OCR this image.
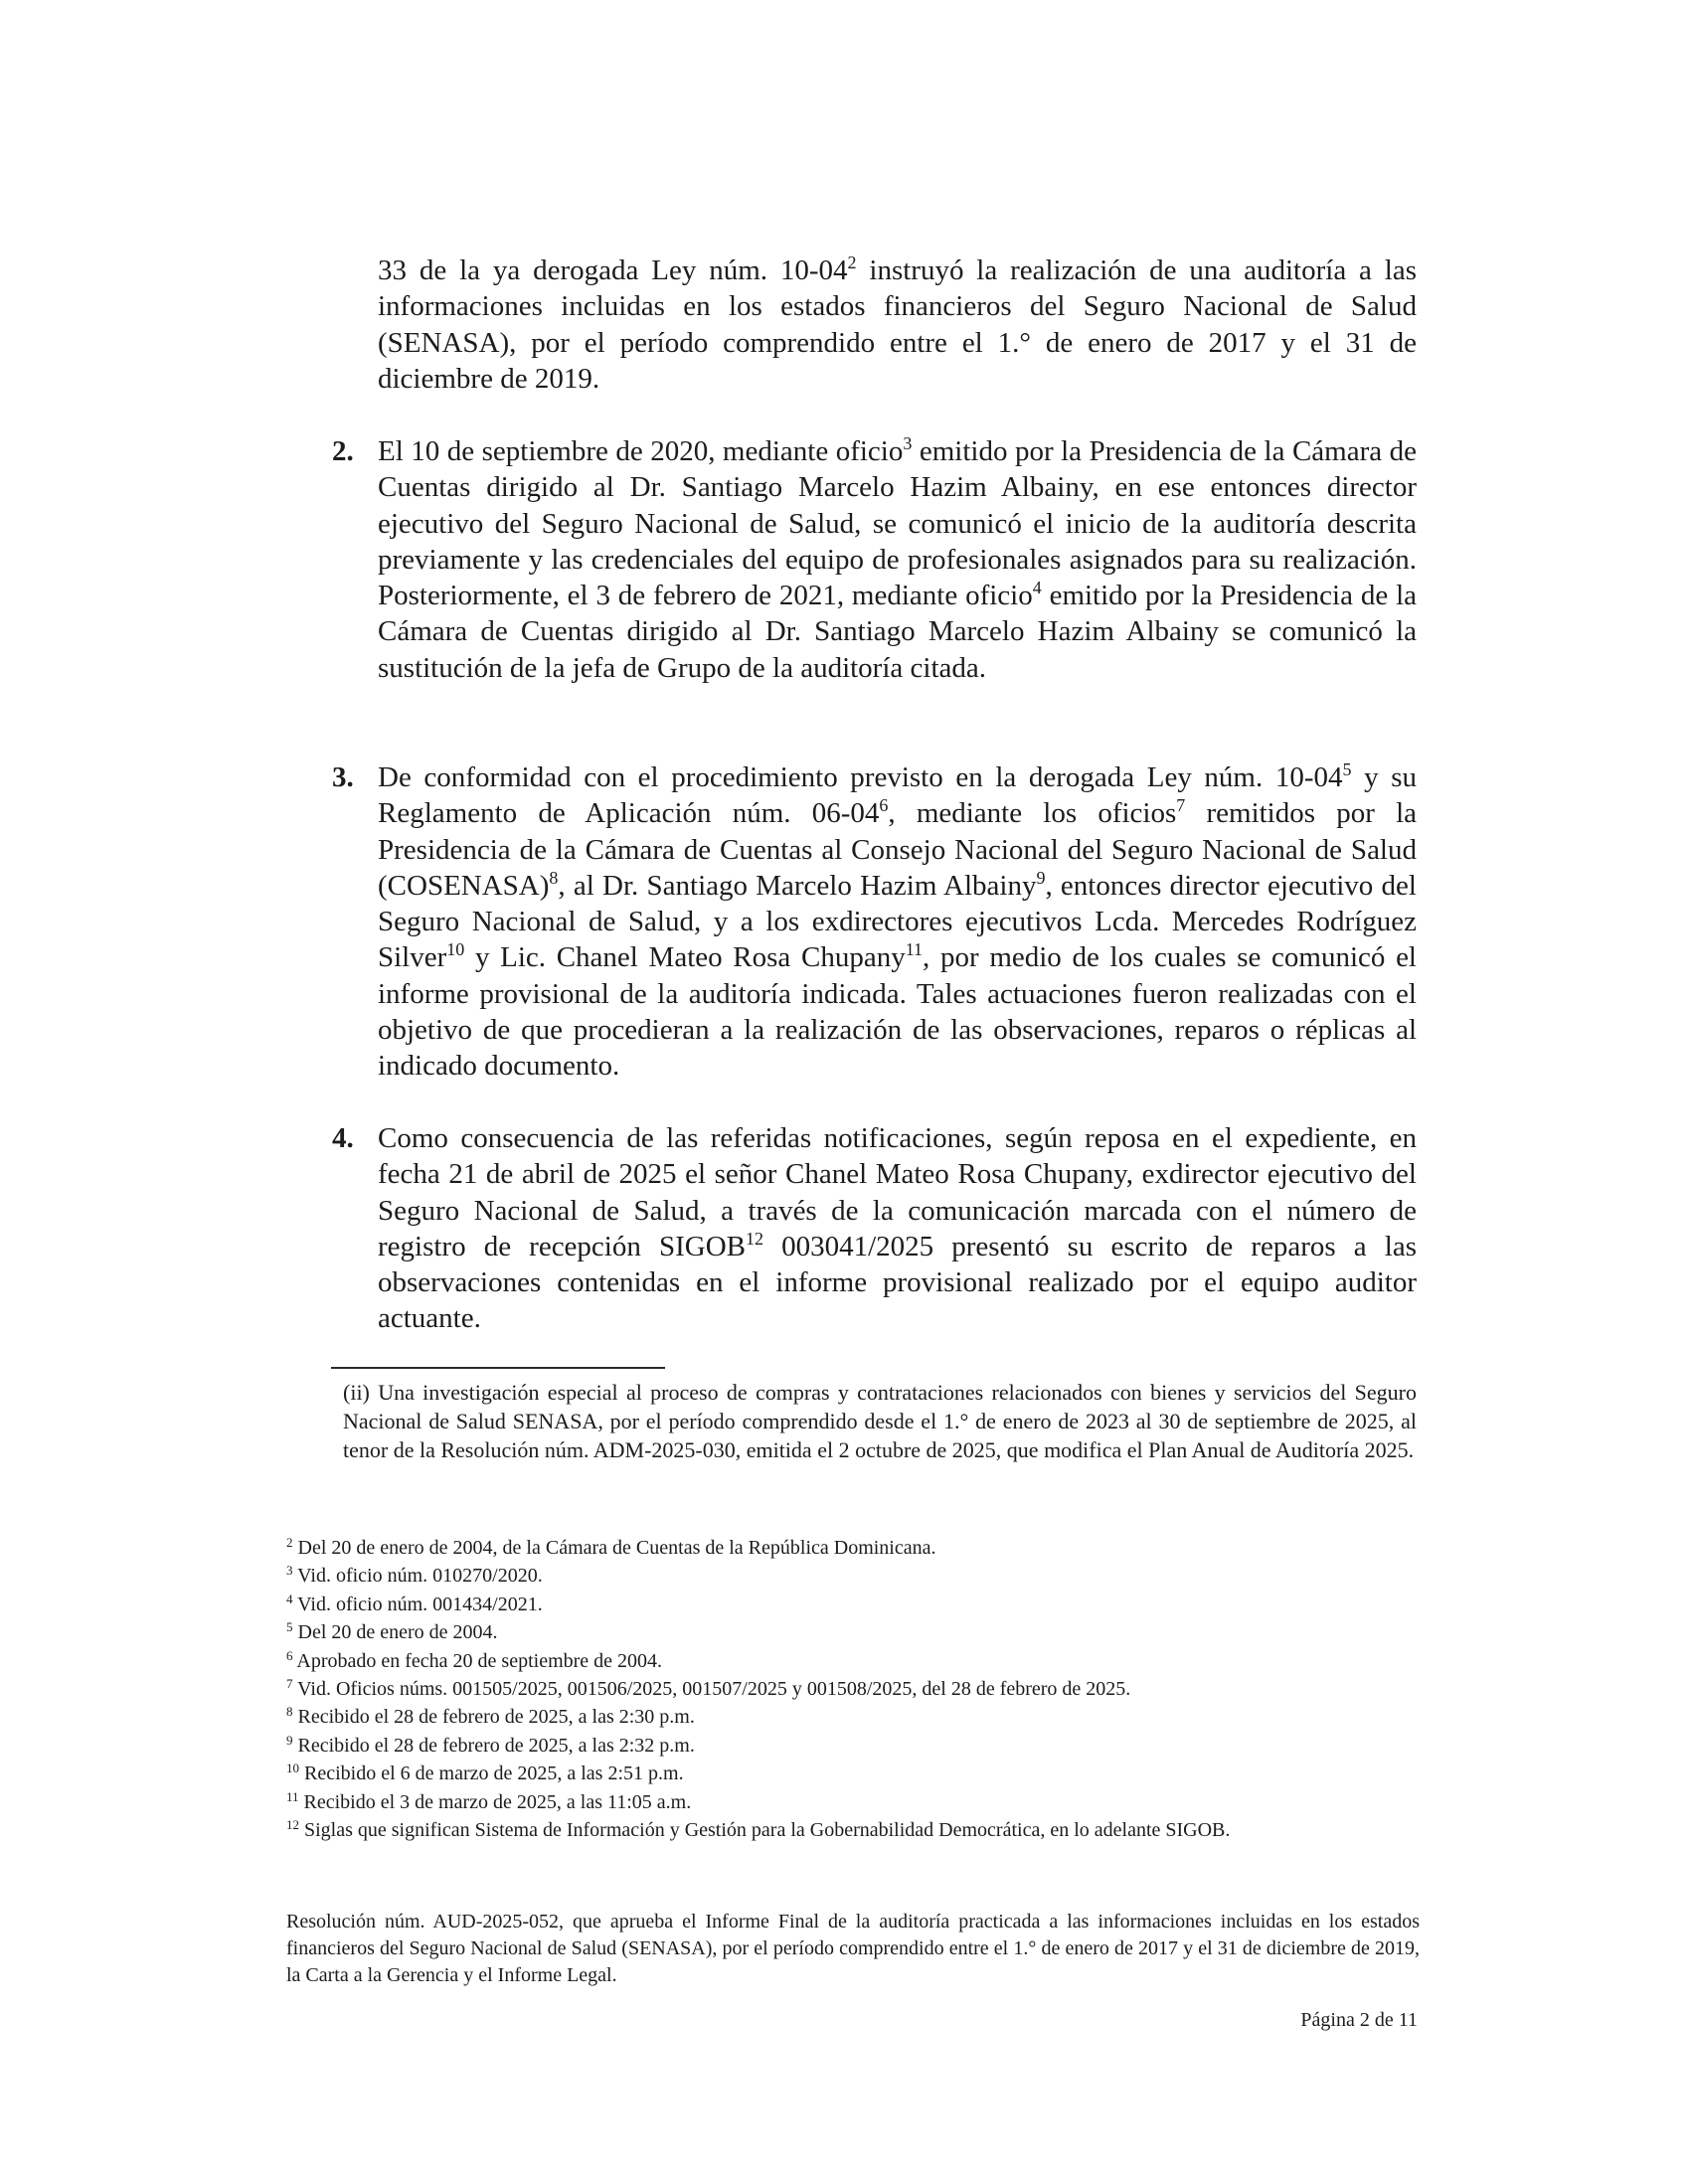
33 de la ya derogada Ley núm. $10-04^2$ instruyó la realización de una auditoría a las informaciones incluidas en los estados financieros del Seguro Nacional de Salud (SENASA), por el período comprendido entre el 1.° de enero de 2017 y el 31 de diciembre de 2019.

2. El 10 de septiembre de 2020, mediante oficio$^3$ emitido por la Presidencia de la Cámara de Cuentas dirigido al Dr. Santiago Marcelo Hazim Albainy, en ese entonces director ejecutivo del Seguro Nacional de Salud, se comunicó el inicio de la auditoría descrita previamente y las credenciales del equipo de profesionales asignados para su realización. Posteriormente, el 3 de febrero de 2021, mediante oficio$^4$ emitido por la Presidencia de la Cámara de Cuentas dirigido al Dr. Santiago Marcelo Hazim Albainy se comunicó la sustitución de la jefa de Grupo de la auditoría citada.
3. De conformidad con el procedimiento previsto en la derogada Ley núm. $10-04^5$ y su Reglamento de Aplicación núm. $06-04^6$, mediante los oficios$^7$ remitidos por la Presidencia de la Cámara de Cuentas al Consejo Nacional del Seguro Nacional de Salud (COSENASA)$^8$, al Dr. Santiago Marcelo Hazim Albainy$^9$, entonces director ejecutivo del Seguro Nacional de Salud, y a los exdirectores ejecutivos Lcda. Mercedes Rodríguez Silver$^{10}$ y Lic. Chanel Mateo Rosa Chupany$^{11}$, por medio de los cuales se comunicó el informe provisional de la auditoría indicada. Tales actuaciones fueron realizadas con el objetivo de que procedieran a la realización de las observaciones, reparos o réplicas al indicado documento.
4. Como consecuencia de las referidas notificaciones, según reposa en el expediente, en fecha 21 de abril de 2025 el señor Chanel Mateo Rosa Chupany, exdirector ejecutivo del Seguro Nacional de Salud, a través de la comunicación marcada con el número de registro de recepción SIGOB$^{12}$ 003041/2025 presentó su escrito de reparos a las observaciones contenidas en el informe provisional realizado por el equipo auditor actuante.

(ii) Una investigación especial al proceso de compras y contrataciones relacionados con bienes y servicios del Seguro Nacional de Salud SENASA, por el período comprendido desde el 1.° de enero de 2023 al 30 de septiembre de 2025, al tenor de la Resolución núm. ADM-2025-030, emitida el 2 octubre de 2025, que modifica el Plan Anual de Auditoría 2025.

$^2$ Del 20 de enero de 2004, de la Cámara de Cuentas de la República Dominicana.

$^3$ Vid. oficio núm. 010270/2020.

$^4$ Vid. oficio núm. 001434/2021.

$^5$ Del 20 de enero de 2004.

$^6$ Aprobado en fecha 20 de septiembre de 2004.

$^7$ Vid. Oficios núms. 001505/2025, 001506/2025, 001507/2025 y 001508/2025, del 28 de febrero de 2025.

$^8$ Recibido el 28 de febrero de 2025, a las 2:30 p.m.

$^9$ Recibido el 28 de febrero de 2025, a las 2:32 p.m.

$^{10}$ Recibido el 6 de marzo de 2025, a las 2:51 p.m.

$^{11}$ Recibido el 3 de marzo de 2025, a las 11:05 a.m.

$^{12}$ Siglas que significan Sistema de Información y Gestión para la Gobernabilidad Democrática, en lo adelante SIGOB.

Resolución núm. AUD-2025-052, que aprueba el Informe Final de la auditoría practicada a las informaciones incluidas en los estados financieros del Seguro Nacional de Salud (SENASA), por el período comprendido entre el 1.° de enero de 2017 y el 31 de diciembre de 2019, la Carta a la Gerencia y el Informe Legal.

Página 2 de 11
